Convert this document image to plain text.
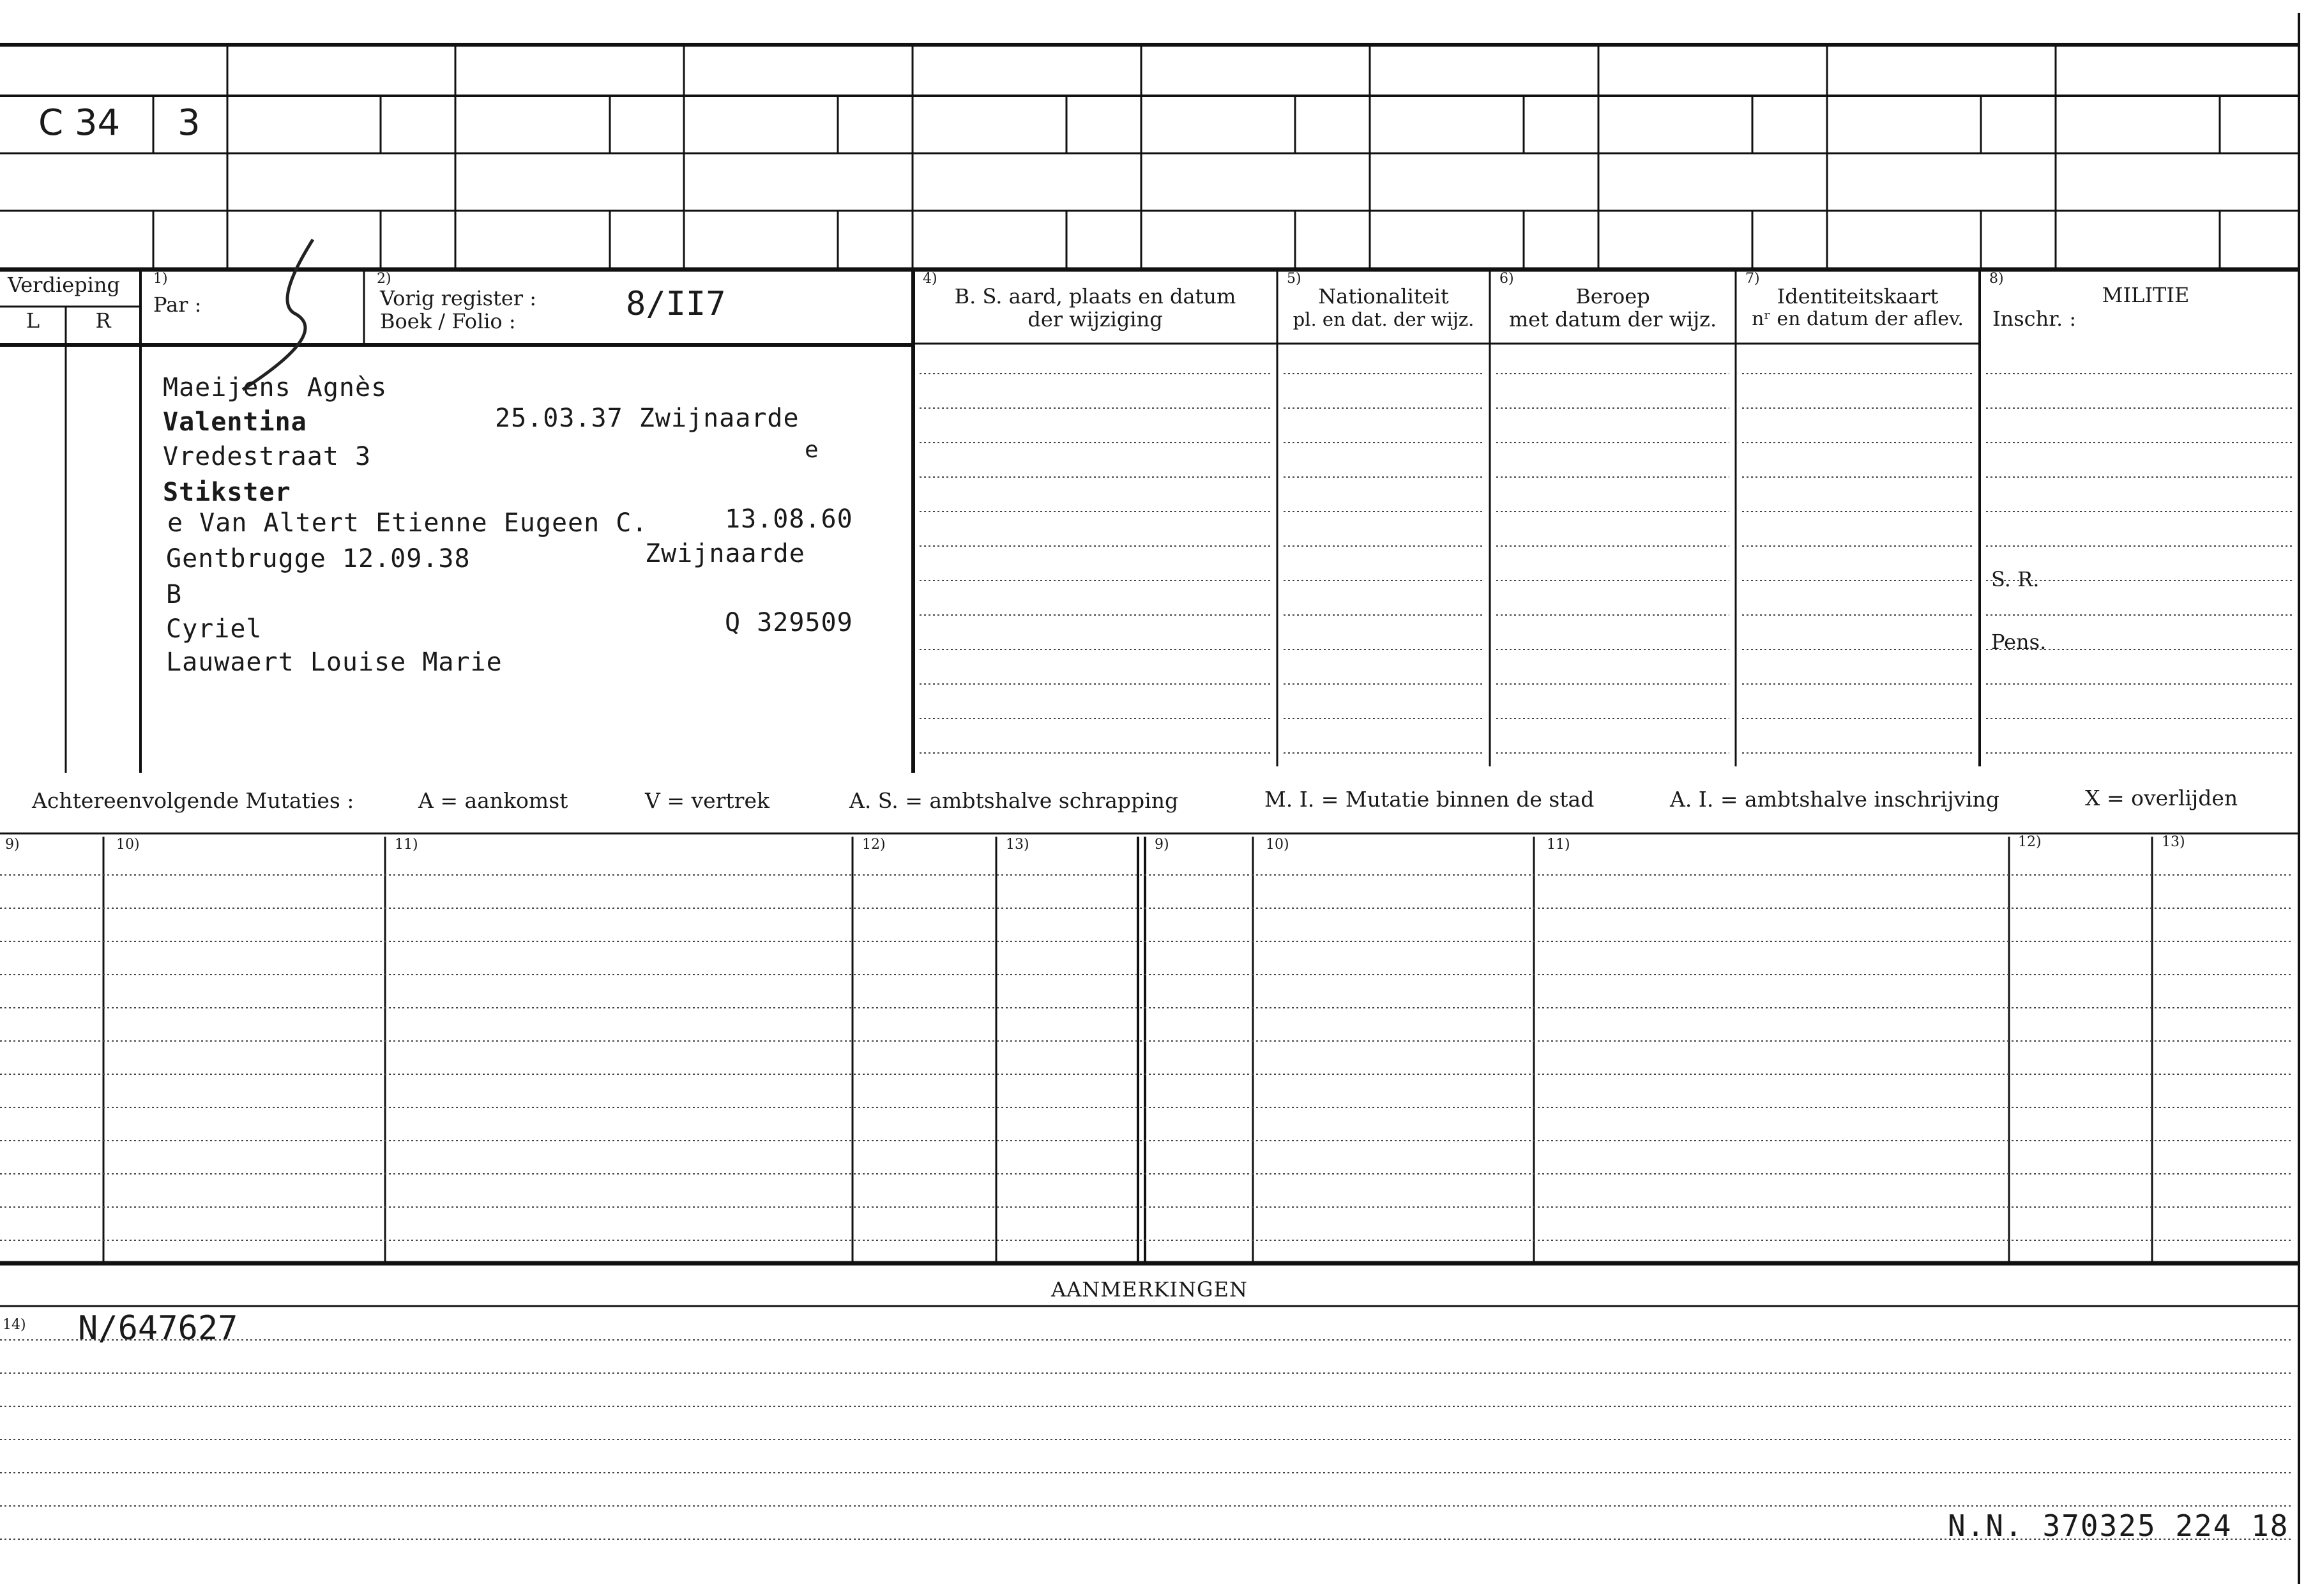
C 34 3
Verdieping
L	R
1)
Par :
2)
Vorig register :
Boek / Folio :	8/II7
4)
B. S. aard, plaats en datum
der wijziging
5)
Nationaliteit
pl. en dat. der wijz.
6)
Beroep
met datum der wijz.
7)
Identiteitskaart
nʳ en datum der aflev.
8)
MILITIE
Inschr. :
S. R.
Pens.
Maeijens Agnès
Valentina	25.03.37 Zwijnaarde
Vredestraat 3	e
Stikster
e Van Altert Etienne Eugeen C.	13.08.60
Gentbrugge 12.09.38	Zwijnaarde
B
Cyriel	Q 329509
Lauwaert Louise Marie
Achtereenvolgende Mutaties :	A = aankomst	V = vertrek	A. S. = ambtshalve schrapping	M. I. = Mutatie binnen de stad	A. I. = ambtshalve inschrijving	X = overlijden
9)	10)	11)	12)	13)	9)	10)	11)	12)	13)
AANMERKINGEN
14) N/647627
N.N. 370325 224 18
